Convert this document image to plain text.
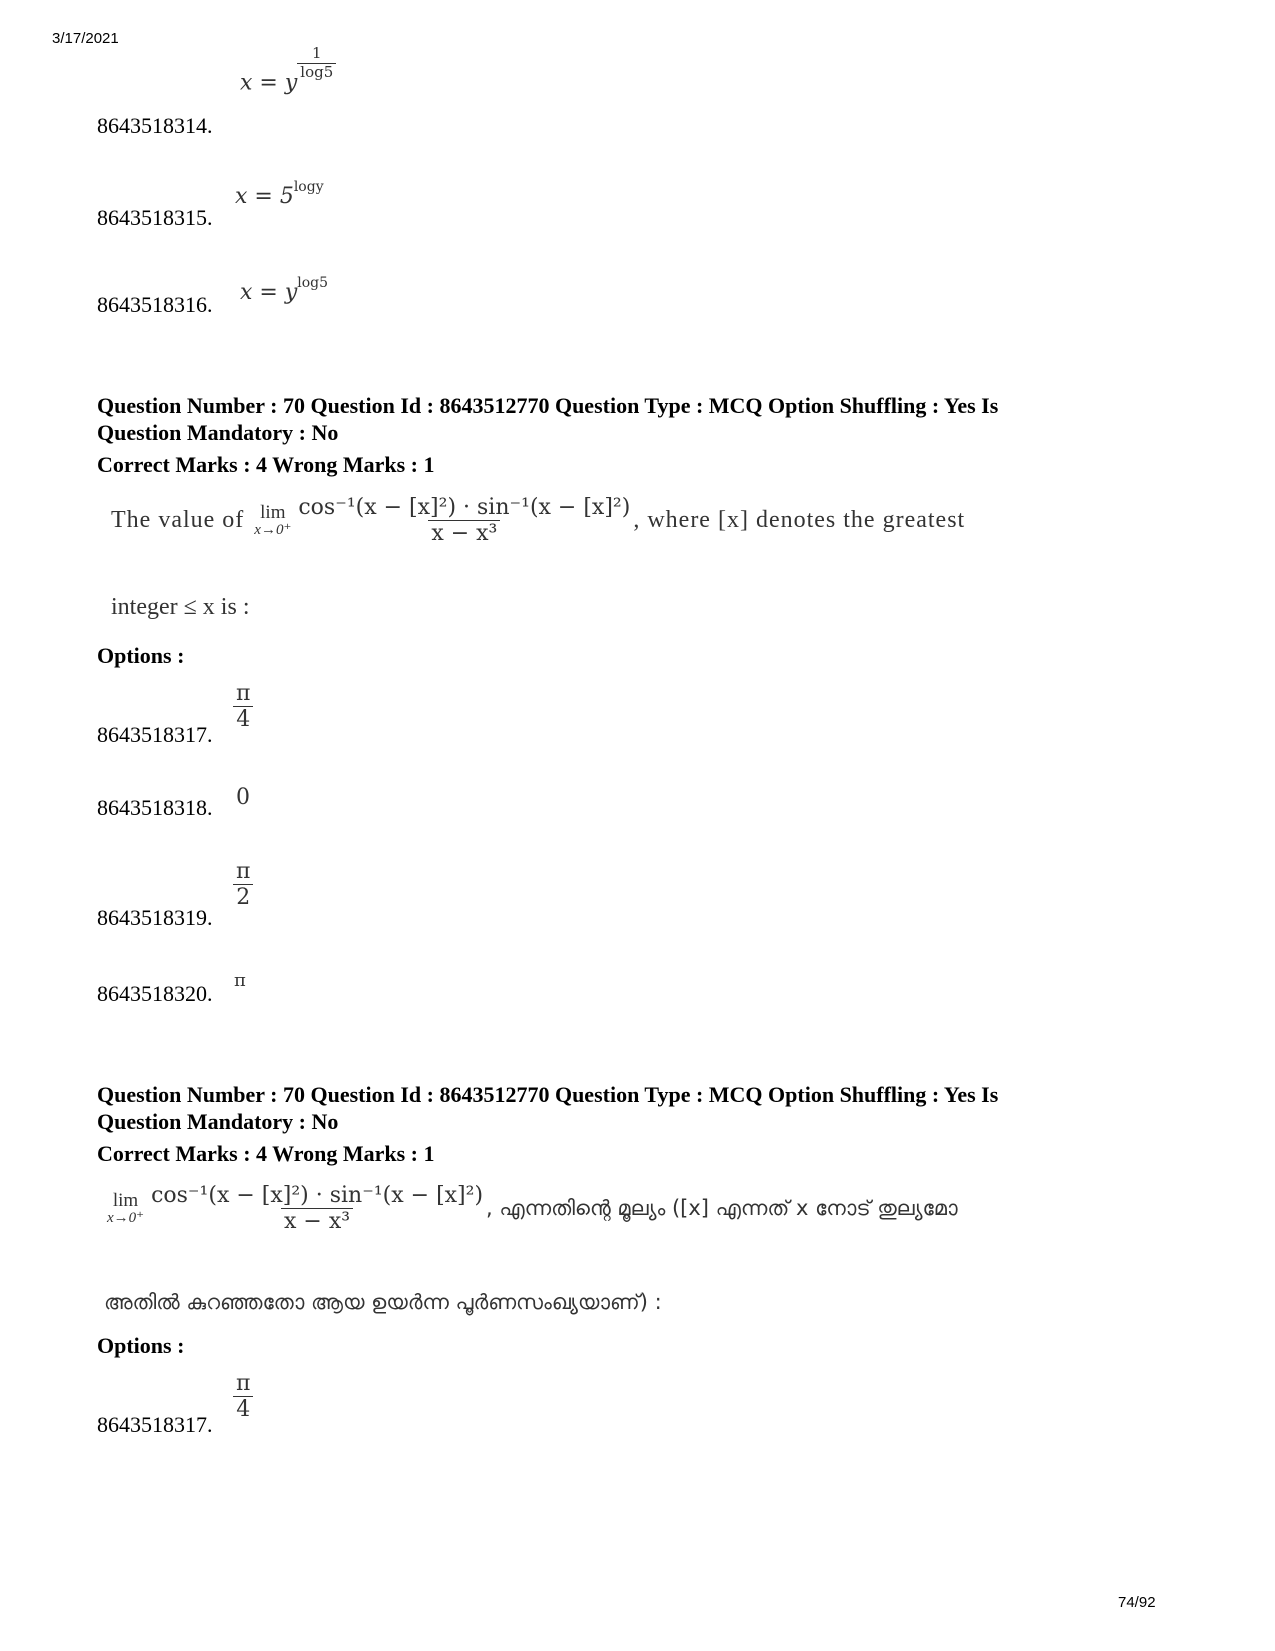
3/17/2021
8643518314.
x = y
$\frac{1}{\log 5}$
8643518315.
$x = 5^{logy}$
8643518316. $x = y^{log5}$
Question Number : 70 Question Id : 8643512770 Question Type : MCQ Option Shuffling : Yes Is
Question Mandatory : No
Correct Marks : 4 Wrong Marks : 1
The value of lim
$x\to 0^+ \frac{\text{cos⁻¹(x − [x]²) · sin⁻¹(x − [x]²)}}{\text{x − x³}}$ , where [x] denotes the greatest
integer ≤ x is :
Options :
8643518317.
$\frac{\pi}{4}$
8643518318. 0
8643518319.
$\frac{\pi}{2}$
8643518320.
π
Question Number : 70 Question Id : 8643512770 Question Type : MCQ Option Shuffling : Yes Is
Question Mandatory : No
Correct Marks : 4 Wrong Marks : 1
lim
$x\to 0^+ \frac{\text{cos⁻¹(x − [x]²) · sin⁻¹(x − [x]²)}}{\text{x − x³}}$ , എന്നതിന്റെ മൂല്യം ([x] എന്നത് x നോട് തുല്യമോ
അതിൽ കുറഞ്ഞതോ ആയ ഉയർന്ന പൂർണസംഖ്യയാണ്) :
Options :
8643518317.
$\frac{\pi}{4}$
74/92
